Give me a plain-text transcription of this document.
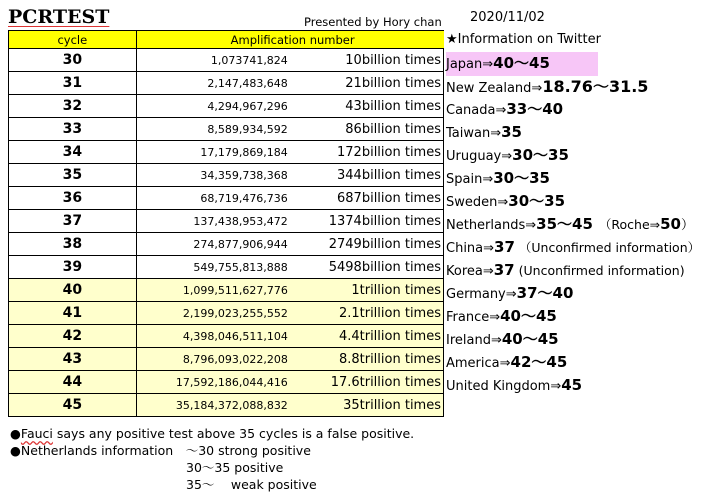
PCRTEST	Presented by Hory chan 2020/11/02
cycle	Amplification number	
30	1,073741,824	10billion times
31	2,147,483,648	21billion times
32	4,294,967,296	43billion times
33	8,589,934,592	86billion times
34	17,179,869,184	172billion times
35	34,359,738,368	344billion times
36	68,719,476,736	687billion times
37	137,438,953,472	1374billion times
38	274,877,906,944	2749billion times
39	549,755,813,888	5498billion times
40	1,099,511,627,776	1trillion times
41	2,199,023,255,552	2.1trillion times
42	4,398,046,511,104	4.4trillion times
43	8,796,093,022,208	8.8trillion times
44	17,592,186,044,416	17.6trillion times
45	35,184,372,088,832	35trillion times
★Information on Twitter
Japan⇒40～45
New Zealand⇒18.76～31.5
Canada⇒33～40
Taiwan⇒35
Uruguay⇒30～35
Spain⇒30～35
Sweden⇒30～35
Netherlands⇒35～45 （Roche⇒50）
China⇒37 （Unconfirmed information）
Korea⇒37 (Unconfirmed information)
Germany⇒37～40
France⇒40～45
Ireland⇒40～45
America⇒42～45
United Kingdom⇒45
●Fauci says any positive test above 35 cycles is a false positive.
●Netherlands information　～30 strong positive
30～35 positive
35～　 weak positive
